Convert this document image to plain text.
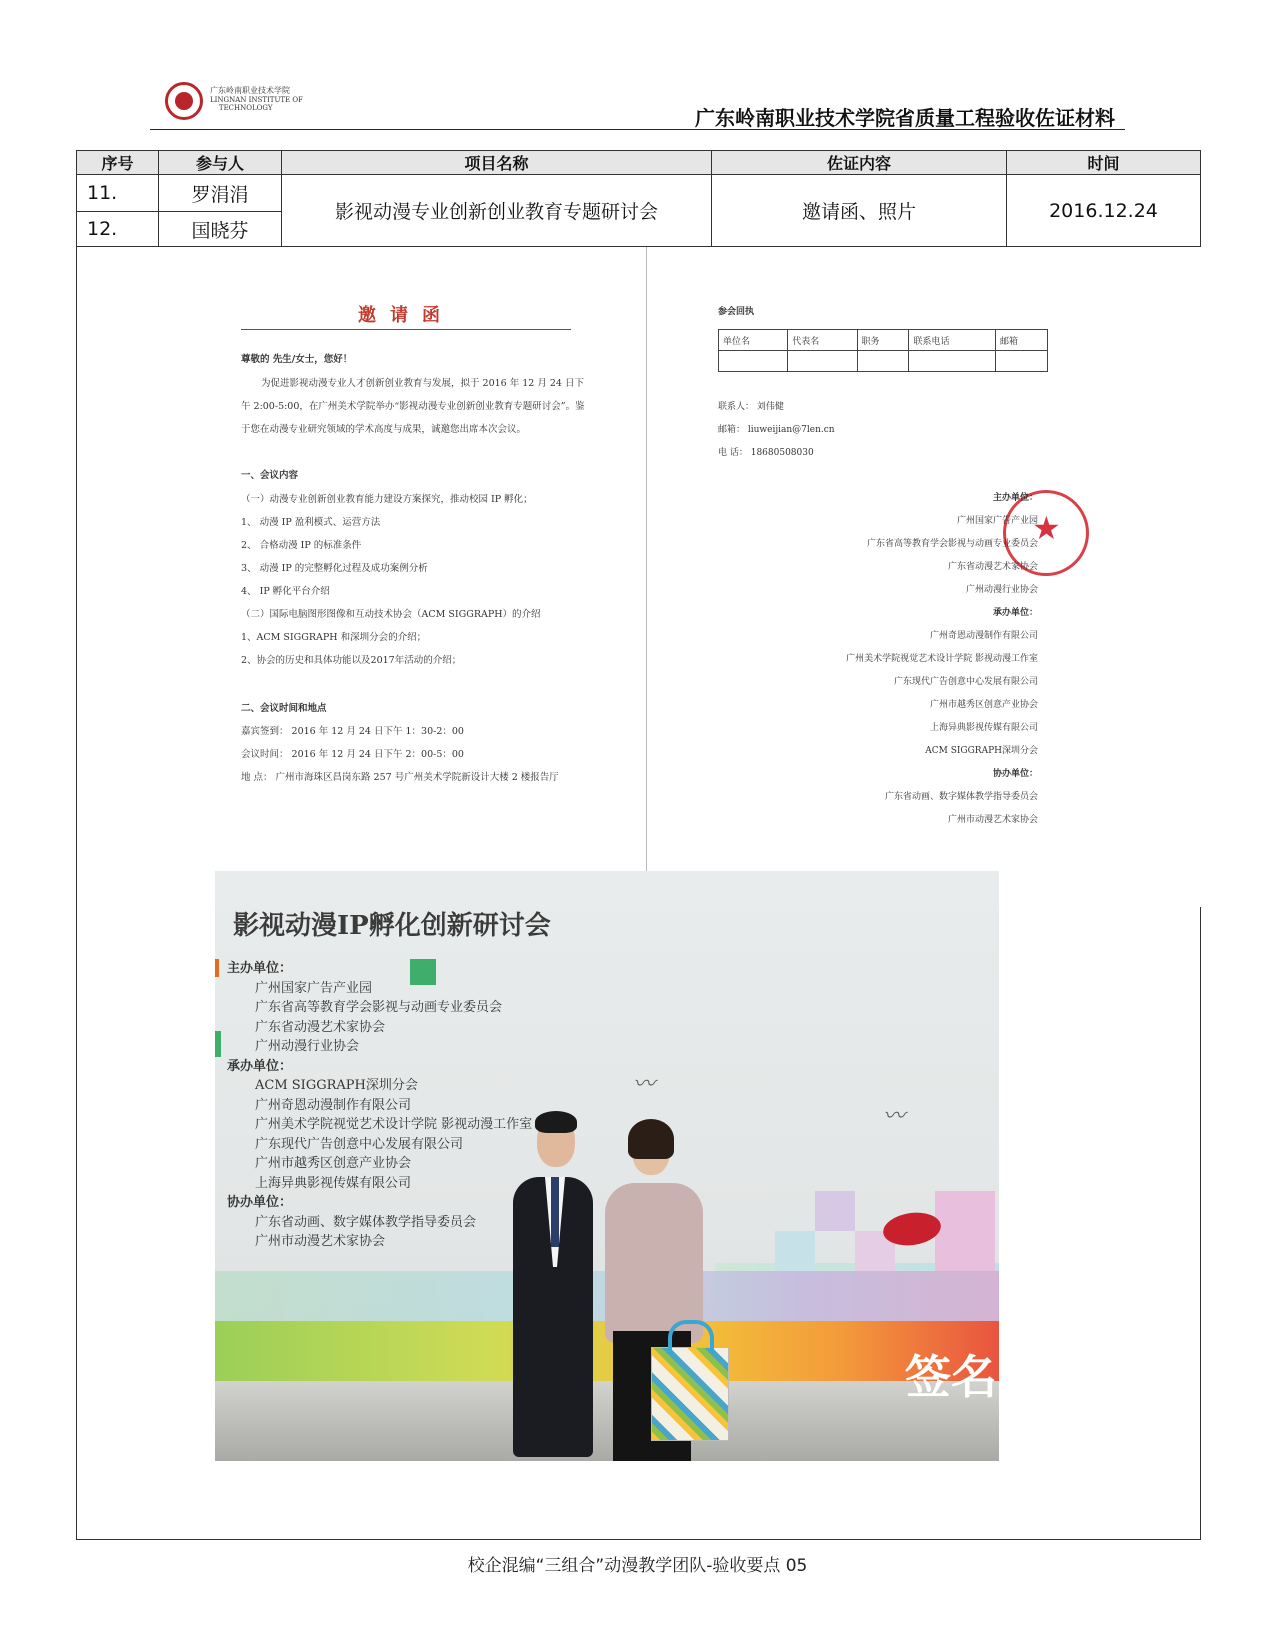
广东岭南职业技术学院
LINGNAN INSTITUTE OF
TECHNOLOGY	广东岭南职业技术学院省质量工程验收佐证材料
序号	参与人	项目名称	佐证内容	时间
11.	罗涓涓
12.	国晓芬
影视动漫专业创新创业教育专题研讨会	邀请函、照片	2016.12.24
邀请函
尊敬的 先生/女士，您好！
为促进影视动漫专业人才创新创业教育与发展，拟于 2016 年 12 月 24 日下
午 2:00-5:00，在广州美术学院举办“影视动漫专业创新创业教育专题研讨会”。鉴
于您在动漫专业研究领域的学术高度与成果，诚邀您出席本次会议。
一、会议内容
（一）动漫专业创新创业教育能力建设方案探究，推动校园 IP 孵化；
1、 动漫 IP 盈利模式、运营方法
2、 合格动漫 IP 的标准条件
3、 动漫 IP 的完整孵化过程及成功案例分析
4、 IP 孵化平台介绍
（二）国际电脑图形图像和互动技术协会（ACM SIGGRAPH）的介绍
1、ACM SIGGRAPH 和深圳分会的介绍；
2、协会的历史和具体功能以及2017年活动的介绍；
二、会议时间和地点
嘉宾签到： 2016 年 12 月 24 日下午 1：30-2：00
会议时间： 2016 年 12 月 24 日下午 2：00-5：00
地 点： 广州市海珠区昌岗东路 257 号广州美术学院新设计大楼 2 楼报告厅
参会回执
单位名	代表名	职务	联系电话	邮箱

联系人： 刘伟健
邮箱： liuweijian@7len.cn
电 话： 18680508030
★
主办单位：
广州国家广告产业园
广东省高等教育学会影视与动画专业委员会
广东省动漫艺术家协会
广州动漫行业协会
承办单位：
广州奇恩动漫制作有限公司
广州美术学院视觉艺术设计学院 影视动漫工作室
广东现代广告创意中心发展有限公司
广州市越秀区创意产业协会
上海异典影视传媒有限公司
ACM SIGGRAPH深圳分会
协办单位：
广东省动画、数字媒体教学指导委员会
广州市动漫艺术家协会
影视动漫IP孵化创新研讨会
主办单位：
广州国家广告产业园
广东省高等教育学会影视与动画专业委员会
广东省动漫艺术家协会
广州动漫行业协会
承办单位：
ACM SIGGRAPH深圳分会
广州奇恩动漫制作有限公司
广州美术学院视觉艺术设计学院 影视动漫工作室
广东现代广告创意中心发展有限公司
广州市越秀区创意产业协会
上海异典影视传媒有限公司
协办单位：
广东省动画、数字媒体教学指导委员会
广州市动漫艺术家协会
〰
〰
签名
校企混编“三组合”动漫教学团队-验收要点 05
